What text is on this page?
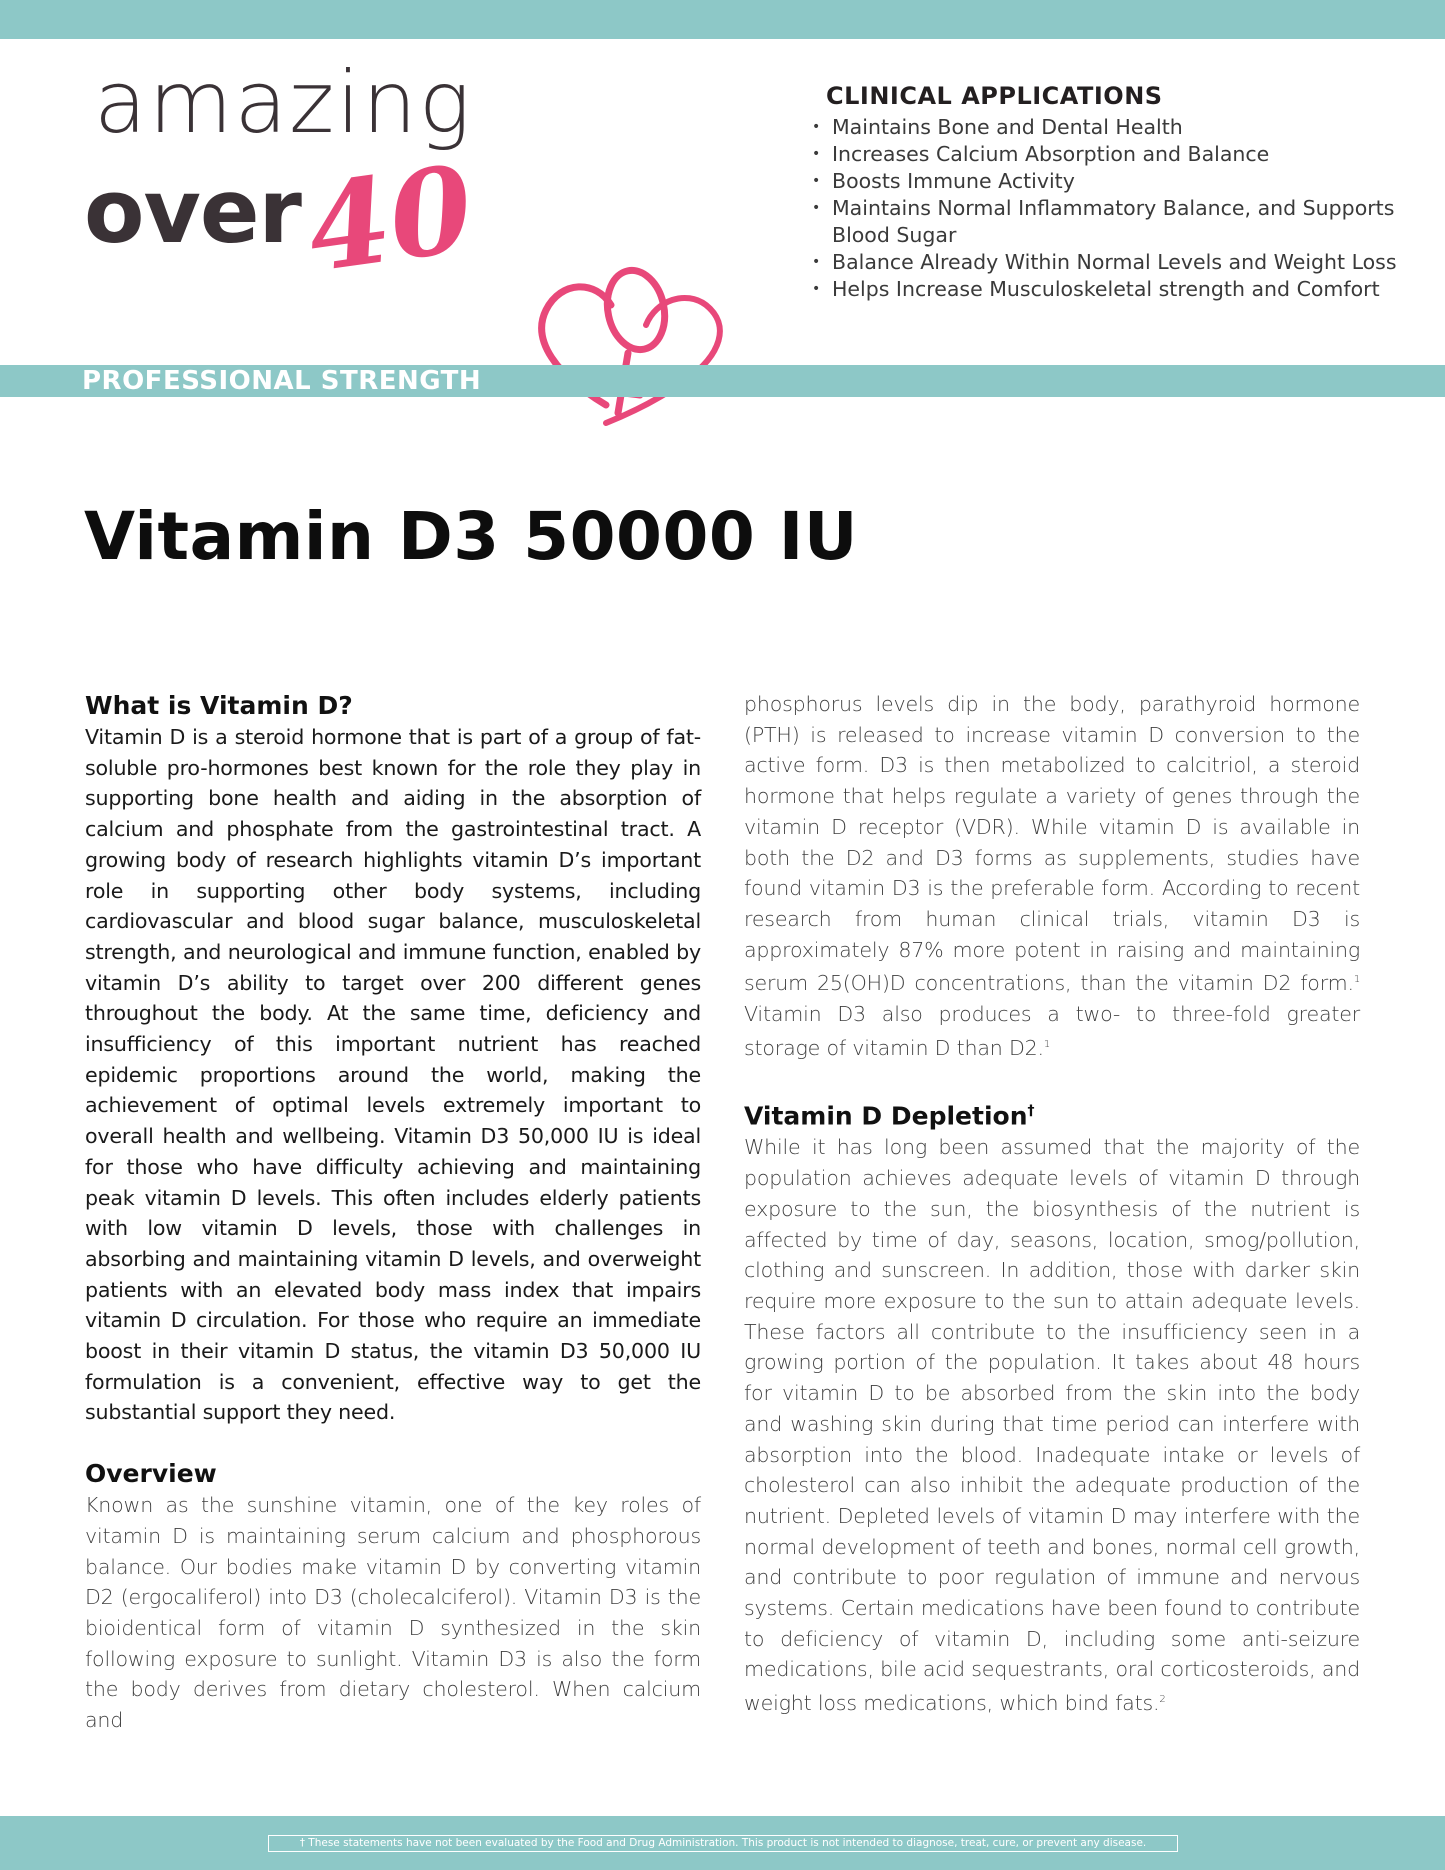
amazing
over
40
PROFESSIONAL STRENGTH
CLINICAL APPLICATIONS
• Maintains Bone and Dental Health
• Increases Calcium Absorption and Balance
• Boosts Immune Activity
• Maintains Normal Inflammatory Balance, and Supports Blood Sugar
• Balance Already Within Normal Levels and Weight Loss
• Helps Increase Musculoskeletal strength and Comfort
Vitamin D3 50000 IU
What is Vitamin D?

Vitamin D is a steroid hormone that is part of a group of fat-soluble pro-hormones best known for the role they play in supporting bone health and aiding in the absorption of calcium and phosphate from the gastrointestinal tract. A growing body of research highlights vitamin D’s important role in supporting other body systems, including cardiovascular and blood sugar balance, musculoskeletal strength, and neurological and immune function, enabled by vitamin D’s ability to target over 200 different genes throughout the body. At the same time, deficiency and insufficiency of this important nutrient has reached epidemic proportions around the world, making the achievement of optimal levels extremely important to overall health and wellbeing. Vitamin D3 50,000 IU is ideal for those who have difficulty achieving and maintaining peak vitamin D levels. This often includes elderly patients with low vitamin D levels, those with challenges in absorbing and maintaining vitamin D levels, and overweight patients with an elevated body mass index that impairs vitamin D circulation. For those who require an immediate boost in their vitamin D status, the vitamin D3 50,000 IU formulation is a convenient, effective way to get the substantial support they need.

Overview

Known as the sunshine vitamin, one of the key roles of vitamin D is maintaining serum calcium and phosphorous balance. Our bodies make vitamin D by converting vitamin D2 (ergocaliferol) into D3 (cholecalciferol). Vitamin D3 is the bioidentical form of vitamin D synthesized in the skin following exposure to sunlight. Vitamin D3 is also the form the body derives from dietary cholesterol. When calcium and

phosphorus levels dip in the body, parathyroid hormone (PTH) is released to increase vitamin D conversion to the active form. D3 is then metabolized to calcitriol, a steroid hormone that helps regulate a variety of genes through the vitamin D receptor (VDR). While vitamin D is available in both the D2 and D3 forms as supplements, studies have found vitamin D3 is the preferable form. According to recent research from human clinical trials, vitamin D3 is approximately 87% more potent in raising and maintaining serum 25(OH)D concentrations, than the vitamin D2 form.$^1$ Vitamin D3 also produces a two- to three-fold greater storage of vitamin D than D2.$^1$

Vitamin D Depletion†

While it has long been assumed that the majority of the population achieves adequate levels of vitamin D through exposure to the sun, the biosynthesis of the nutrient is affected by time of day, seasons, location, smog/pollution, clothing and sunscreen. In addition, those with darker skin require more exposure to the sun to attain adequate levels. These factors all contribute to the insufficiency seen in a growing portion of the population. It takes about 48 hours for vitamin D to be absorbed from the skin into the body and washing skin during that time period can interfere with absorption into the blood. Inadequate intake or levels of cholesterol can also inhibit the adequate production of the nutrient. Depleted levels of vitamin D may interfere with the normal development of teeth and bones, normal cell growth, and contribute to poor regulation of immune and nervous systems. Certain medications have been found to contribute to deficiency of vitamin D, including some anti-seizure medications, bile acid sequestrants, oral corticosteroids, and weight loss medications, which bind fats.$^2$

† These statements have not been evaluated by the Food and Drug Administration. This product is not intended to diagnose, treat, cure, or prevent any disease.
